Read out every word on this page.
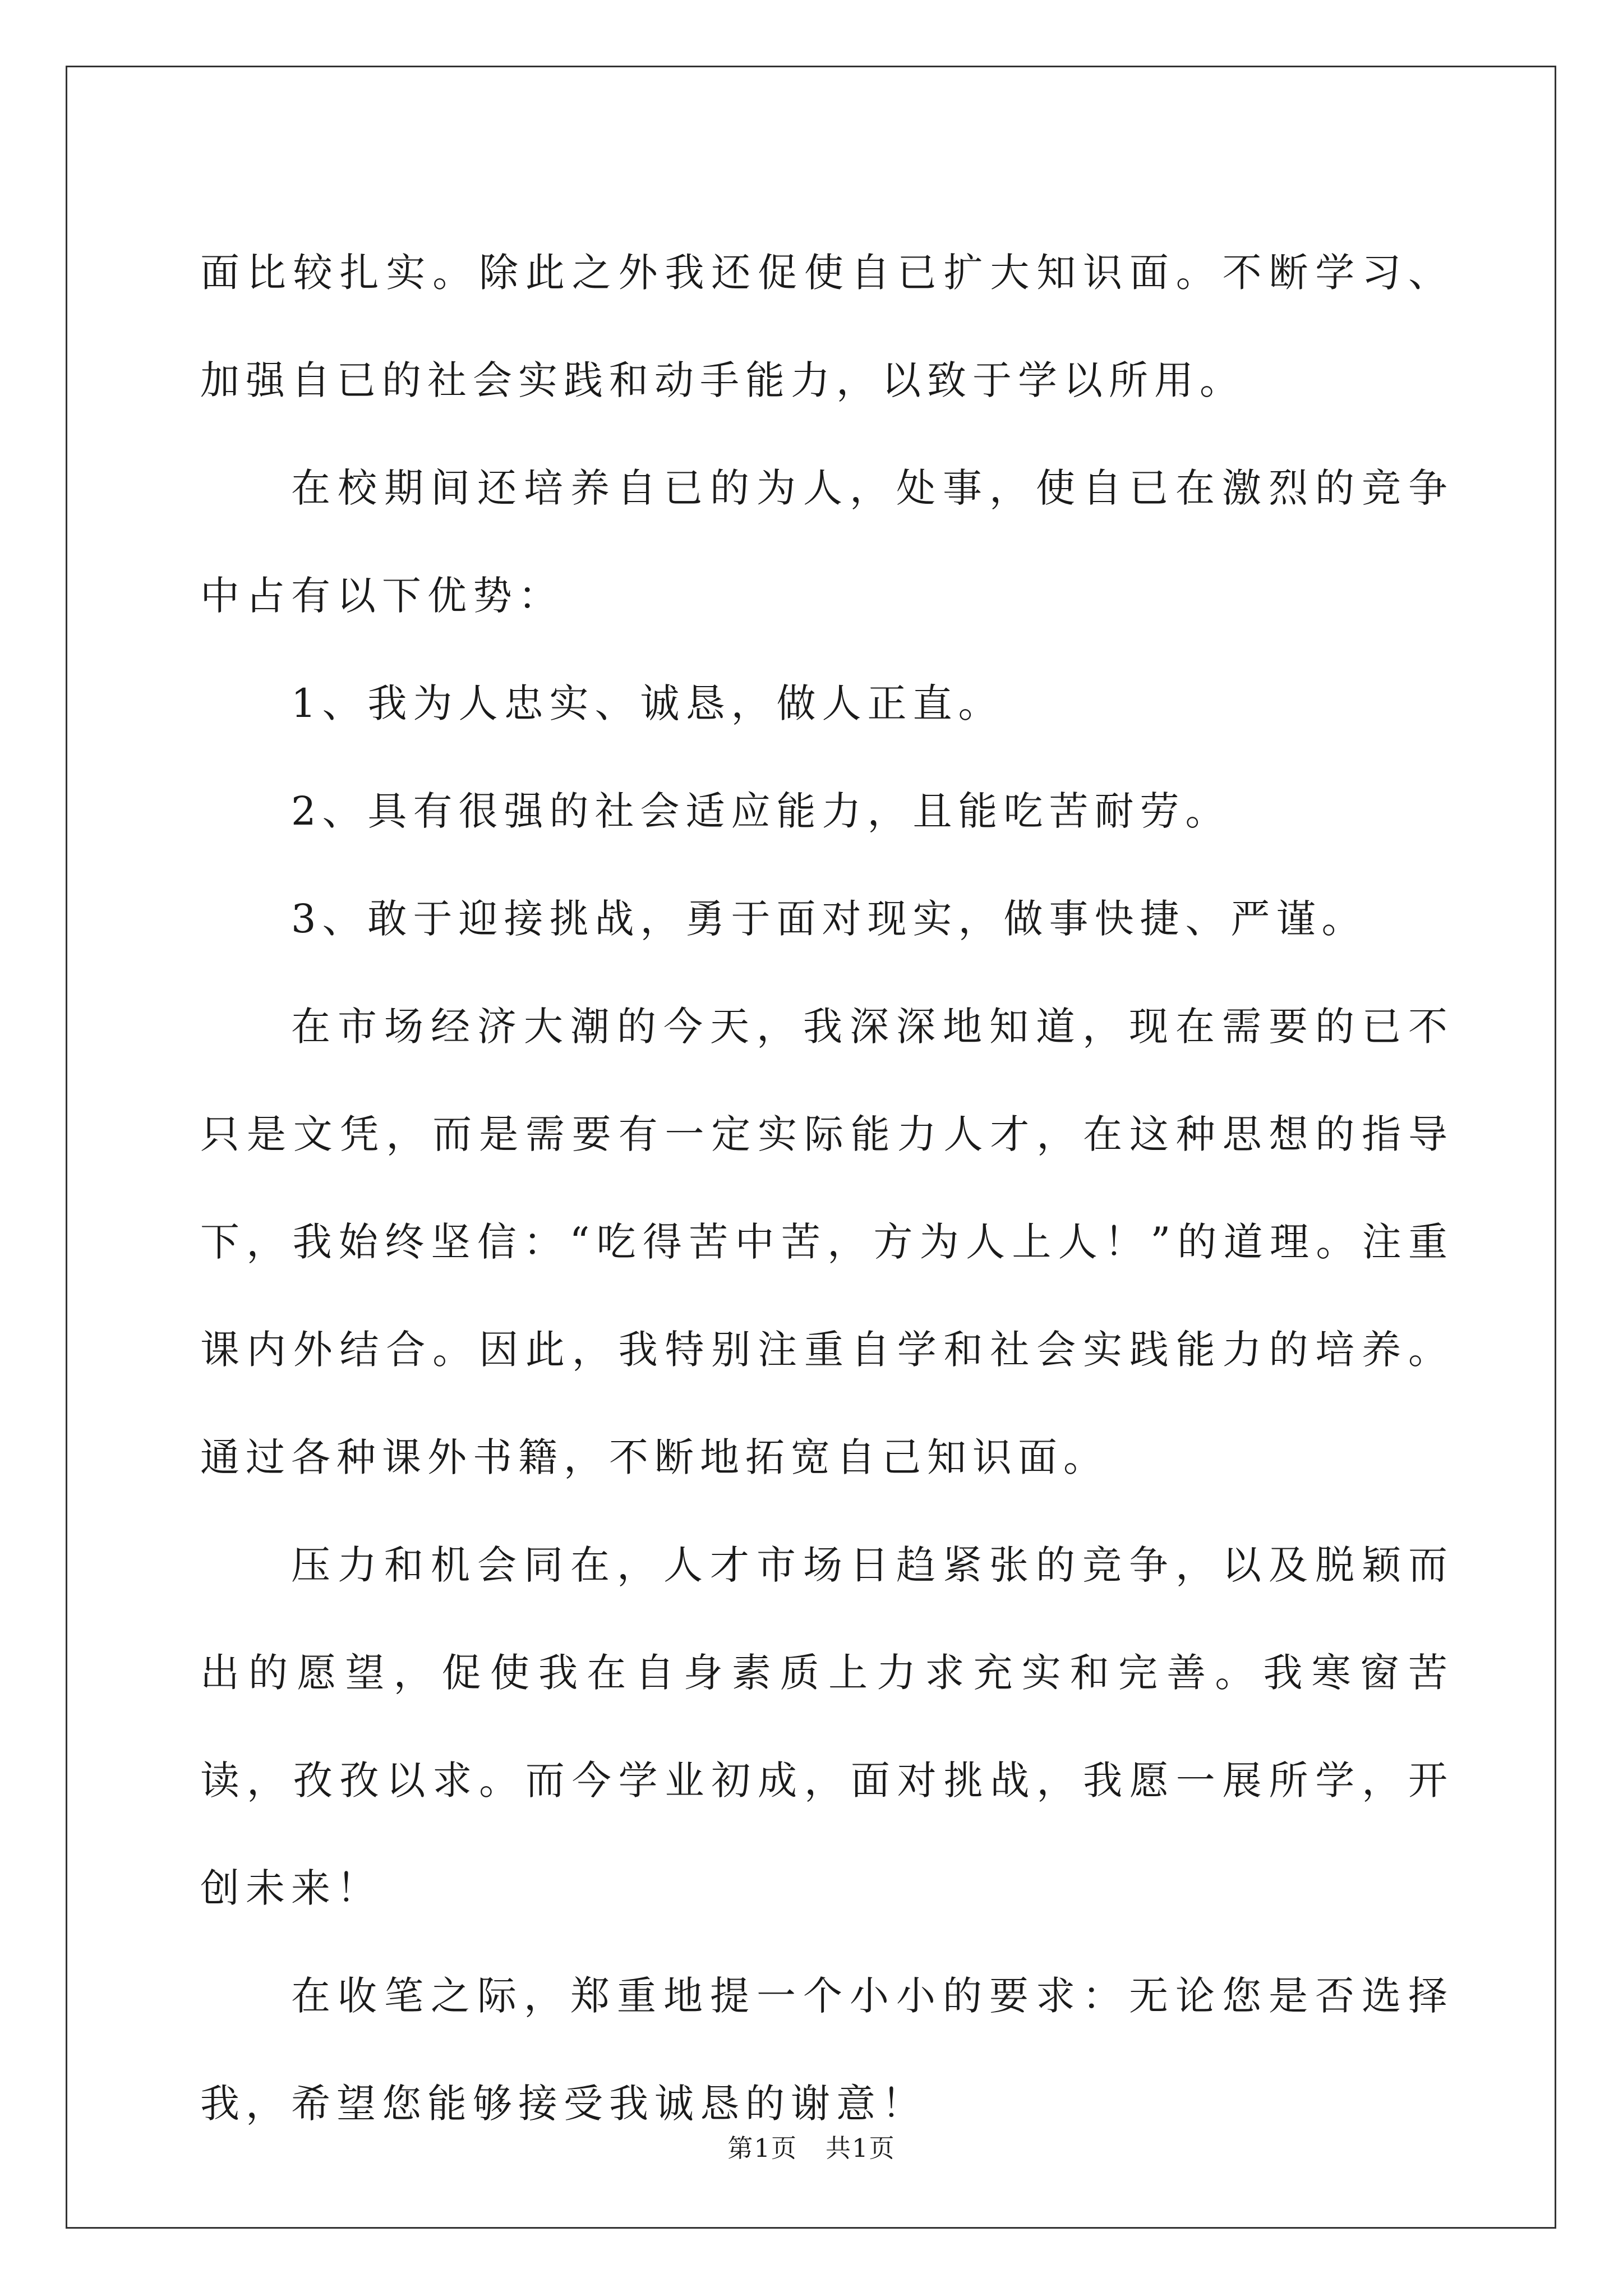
面比较扎实。除此之外我还促使自已扩大知识面。不断学习、加强自已的社会实践和动手能力，以致于学以所用。

在校期间还培养自已的为人，处事，使自已在激烈的竞争中占有以下优势：

1、我为人忠实、诚恳，做人正直。

2、具有很强的社会适应能力，且能吃苦耐劳。

3、敢于迎接挑战，勇于面对现实，做事快捷、严谨。

在市场经济大潮的今天，我深深地知道，现在需要的已不只是文凭，而是需要有一定实际能力人才，在这种思想的指导下，我始终坚信：“吃得苦中苦，方为人上人！”的道理。注重课内外结合。因此，我特别注重自学和社会实践能力的培养。通过各种课外书籍，不断地拓宽自己知识面。

压力和机会同在，人才市场日趋紧张的竞争，以及脱颖而出的愿望，促使我在自身素质上力求充实和完善。我寒窗苦读，孜孜以求。而今学业初成，面对挑战，我愿一展所学，开创未来！

在收笔之际，郑重地提一个小小的要求：无论您是否选择我，希望您能够接受我诚恳的谢意！

第1页 共1页
